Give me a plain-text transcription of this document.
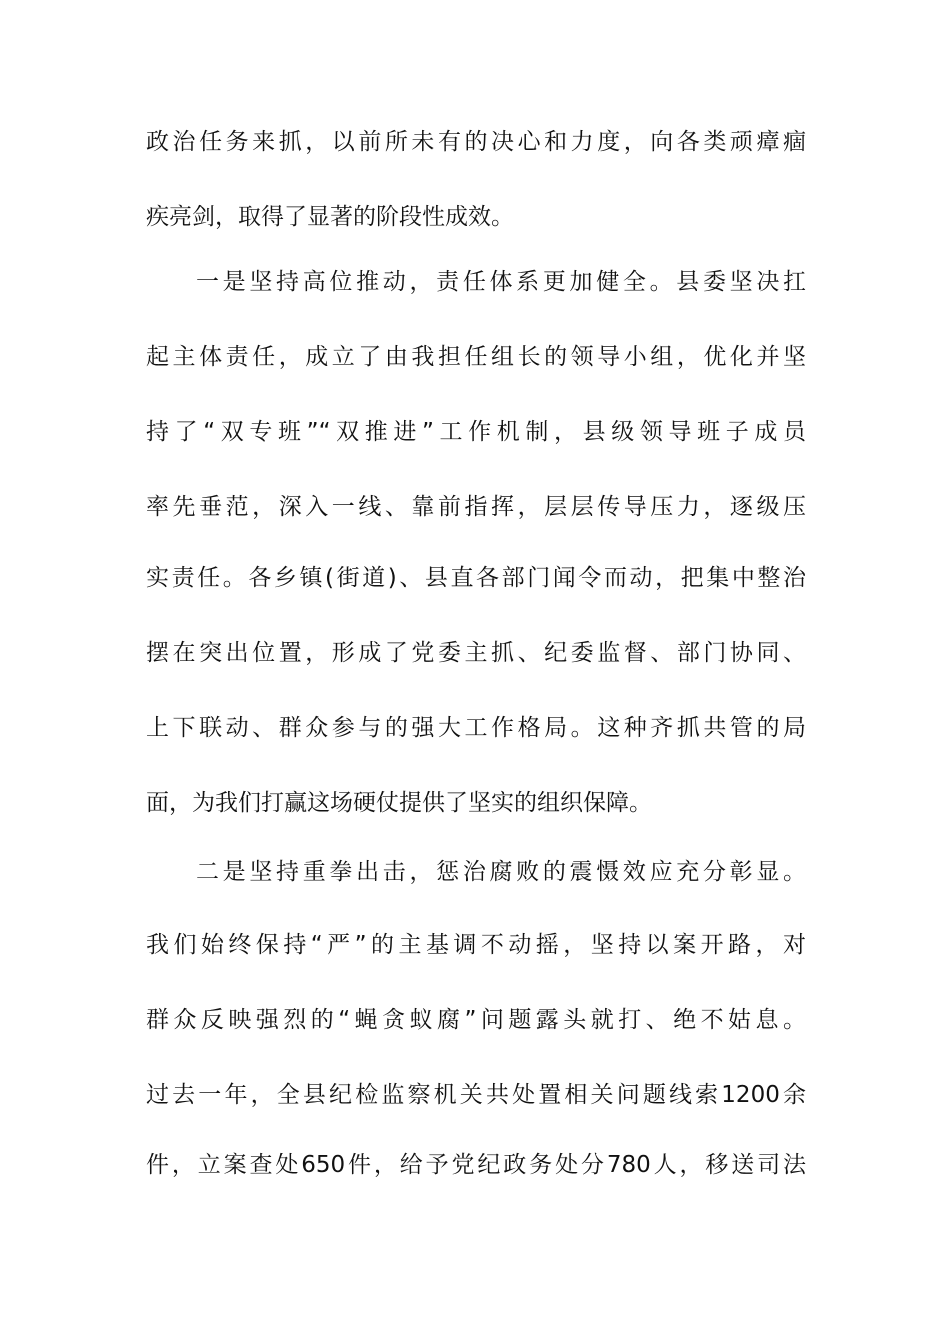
政治任务来抓，以前所未有的决心和力度，向各类顽瘴痼
疾亮剑，取得了显著的阶段性成效。
一是坚持高位推动，责任体系更加健全。县委坚决扛
起主体责任，成立了由我担任组长的领导小组，优化并坚
持了“双专班”“双推进”工作机制，县级领导班子成员
率先垂范，深入一线、靠前指挥，层层传导压力，逐级压
实责任。各乡镇(街道)、县直各部门闻令而动，把集中整治
摆在突出位置，形成了党委主抓、纪委监督、部门协同、
上下联动、群众参与的强大工作格局。这种齐抓共管的局
面，为我们打赢这场硬仗提供了坚实的组织保障。
二是坚持重拳出击，惩治腐败的震慑效应充分彰显。
我们始终保持“严”的主基调不动摇，坚持以案开路，对
群众反映强烈的“蝇贪蚁腐”问题露头就打、绝不姑息。
过去一年，全县纪检监察机关共处置相关问题线索1200余
件，立案查处650件，给予党纪政务处分780人，移送司法
